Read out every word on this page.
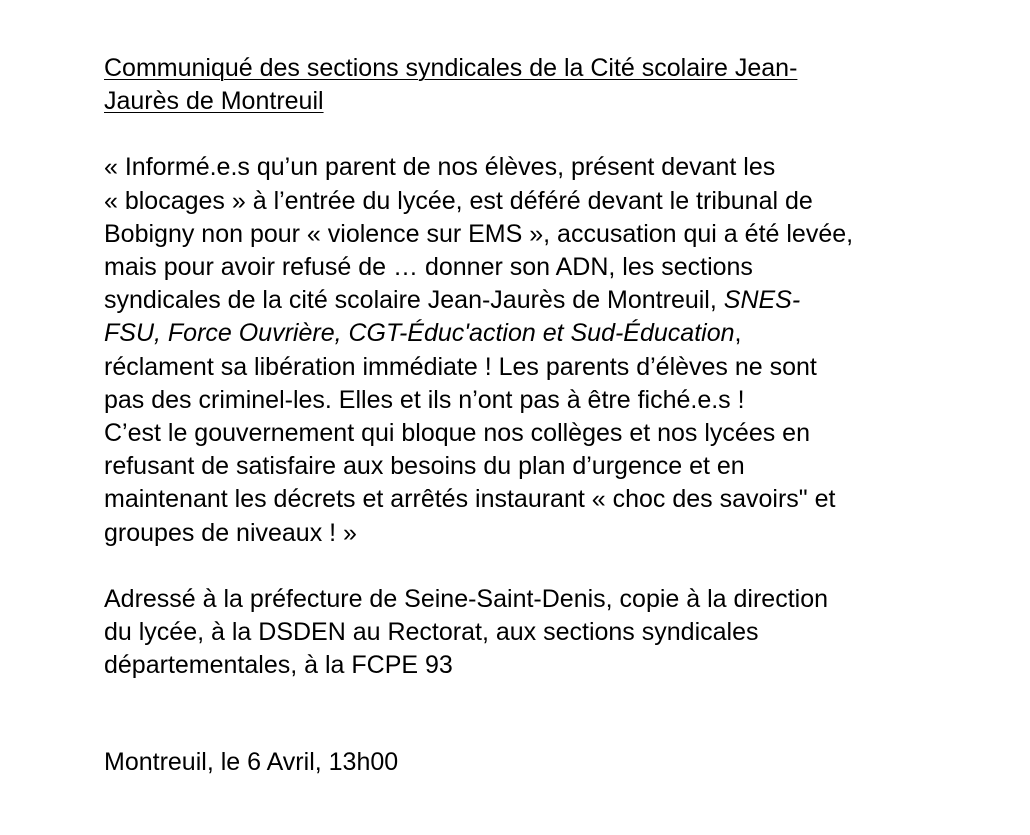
Communiqué des sections syndicales de la Cité scolaire Jean-
Jaurès de Montreuil

« Informé.e.s qu’un parent de nos élèves, présent devant les
« blocages » à l’entrée du lycée, est déféré devant le tribunal de
Bobigny non pour « violence sur EMS », accusation qui a été levée,
mais pour avoir refusé de … donner son ADN, les sections
syndicales de la cité scolaire Jean-Jaurès de Montreuil, SNES-
FSU, Force Ouvrière, CGT-Éduc'action et Sud-Éducation,
réclament sa libération immédiate ! Les parents d’élèves ne sont
pas des criminel-les. Elles et ils n’ont pas à être fiché.e.s !
C’est le gouvernement qui bloque nos collèges et nos lycées en
refusant de satisfaire aux besoins du plan d’urgence et en
maintenant les décrets et arrêtés instaurant « choc des savoirs" et
groupes de niveaux ! »

Adressé à la préfecture de Seine-Saint-Denis, copie à la direction
du lycée, à la DSDEN au Rectorat, aux sections syndicales
départementales, à la FCPE 93

Montreuil, le 6 Avril, 13h00
